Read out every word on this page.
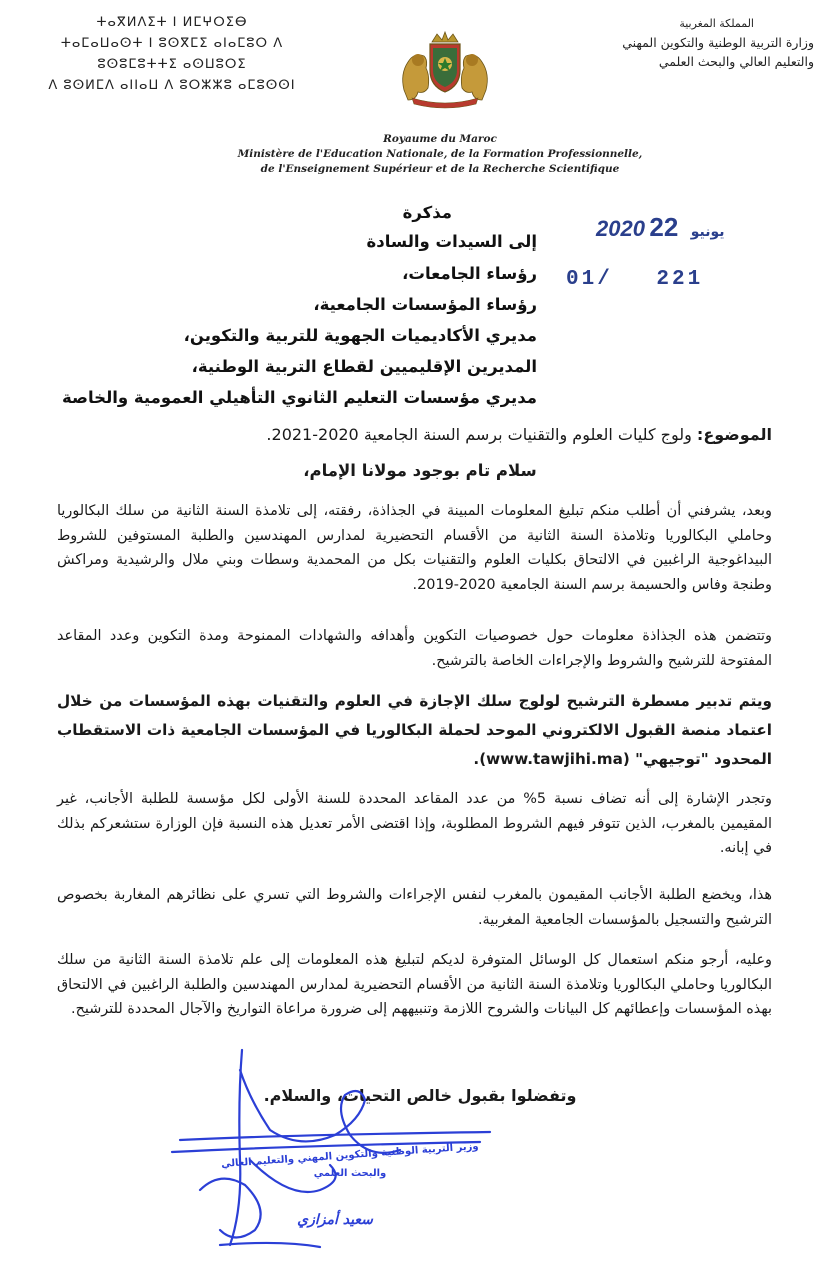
ⵜⴰⴳⵍⴷⵉⵜ ⵏ ⵍⵎⵖⵔⵉⴱ
ⵜⴰⵎⴰⵡⴰⵙⵜ ⵏ ⵓⵙⴳⵎⵉ ⴰⵏⴰⵎⵓⵔ ⴷ ⵓⵙⵓⵎⵓⵜⵜⵉ ⴰⵙⵡⵓⵔⵉ
ⴷ ⵓⵙⵍⵎⴷ ⴰⵏⵏⴰⵡ ⴷ ⵓⵔⵣⵣⵓ ⴰⵎⵓⵙⵙⵏ
المملكة المغربية
وزارة التربية الوطنية والتكوين المهني
والتعليم العالي والبحث العلمي
Royaume du Maroc
Ministère de l'Education Nationale, de la Formation Professionnelle,
de l'Enseignement Supérieur et de la Recherche Scientifique
مذكرة
إلى السيدات والسادة
رؤساء الجامعات،
رؤساء المؤسسات الجامعية،
مديري الأكاديميات الجهوية للتربية والتكوين،
المديرين الإقليميين لقطاع التربية الوطنية،
مديري مؤسسات التعليم الثانوي التأهيلي العمومية والخاصة
2020	يونيو 22
01/ 221
الموضوع: ولوج كليات العلوم والتقنيات برسم السنة الجامعية 2020-2021.
سلام تام بوجود مولانا الإمام،
وبعد، يشرفني أن أطلب منكم تبليغ المعلومات المبينة في الجذاذة، رفقته، إلى تلامذة السنة الثانية من سلك البكالوريا وحاملي البكالوريا وتلامذة السنة الثانية من الأقسام التحضيرية لمدارس المهندسين والطلبة المستوفين للشروط البيداغوجية الراغبين في الالتحاق بكليات العلوم والتقنيات بكل من المحمدية وسطات وبني ملال والرشيدية ومراكش وطنجة وفاس والحسيمة برسم السنة الجامعية 2020-2019.
وتتضمن هذه الجذاذة معلومات حول خصوصيات التكوين وأهدافه والشهادات الممنوحة ومدة التكوين وعدد المقاعد المفتوحة للترشيح والشروط والإجراءات الخاصة بالترشيح.
ويتم تدبير مسطرة الترشيح لولوج سلك الإجازة في العلوم والتقنيات بهذه المؤسسات من خلال اعتماد منصة القبول الالكتروني الموحد لحملة البكالوريا في المؤسسات الجامعية ذات الاستقطاب المحدود "توجيهي" (www.tawjihi.ma).
وتجدر الإشارة إلى أنه تضاف نسبة 5% من عدد المقاعد المحددة للسنة الأولى لكل مؤسسة للطلبة الأجانب، غير المقيمين بالمغرب، الذين تتوفر فيهم الشروط المطلوبة، وإذا اقتضى الأمر تعديل هذه النسبة فإن الوزارة ستشعركم بذلك في إبانه.
هذا، ويخضع الطلبة الأجانب المقيمون بالمغرب لنفس الإجراءات والشروط التي تسري على نظائرهم المغاربة بخصوص الترشيح والتسجيل بالمؤسسات الجامعية المغربية.
وعليه، أرجو منكم استعمال كل الوسائل المتوفرة لديكم لتبليغ هذه المعلومات إلى علم تلامذة السنة الثانية من سلك البكالوريا وحاملي البكالوريا وتلامذة السنة الثانية من الأقسام التحضيرية لمدارس المهندسين والطلبة الراغبين في الالتحاق بهذه المؤسسات وإعطائهم كل البيانات والشروح اللازمة وتنبيههم إلى ضرورة مراعاة التواريخ والآجال المحددة للترشيح.
وتفضلوا بقبول خالص التحيات، والسلام.
وزير التربية الوطنية والتكوين المهني والتعليم العالي
والبحث العلمي
سعيد أمزازي
